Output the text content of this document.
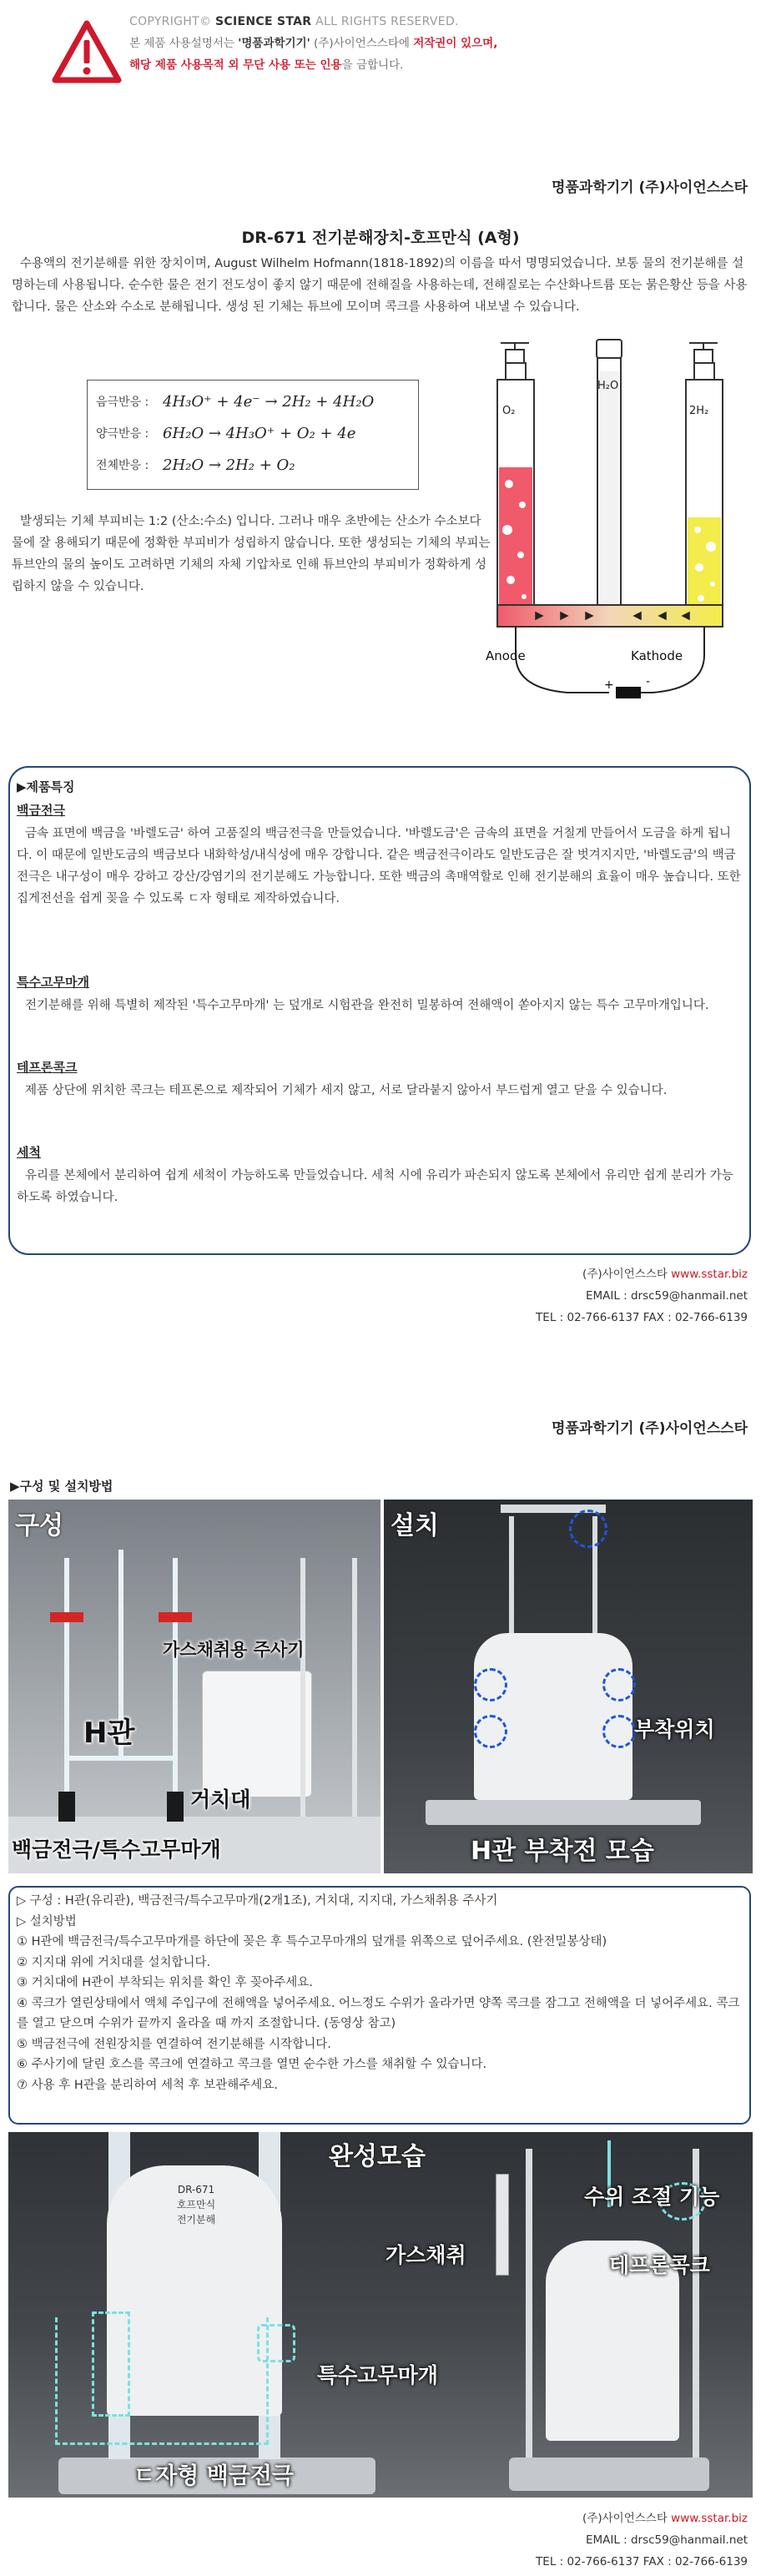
COPYRIGHT© SCIENCE STAR ALL RIGHTS RESERVED.
본 제품 사용설명서는 '명품과학기기' (주)사이언스스타에 저작권이 있으며,
해당 제품 사용목적 외 무단 사용 또는 인용을 금합니다.
명품과학기기 (주)사이언스스타
DR-671 전기분해장치-호프만식 (A형)
수용액의 전기분해를 위한 장치이며, August Wilhelm Hofmann(1818-1892)의 이름을 따서 명명되었습니다. 보통 물의 전기분해를 설명하는데 사용됩니다. 순수한 물은 전기 전도성이 좋지 않기 때문에 전해질을 사용하는데, 전해질로는 수산화나트륨 또는 묽은황산 등을 사용합니다. 물은 산소와 수소로 분해됩니다. 생성 된 기체는 튜브에 모이며 콕크를 사용하여 내보낼 수 있습니다.
음극반응 : 4H₃O⁺ + 4e⁻ → 2H₂ + 4H₂O
양극반응 : 6H₂O → 4H₃O⁺ + O₂ + 4e
전체반응 : 2H₂O → 2H₂ + O₂
발생되는 기체 부피비는 1:2 (산소:수소) 입니다. 그러나 매우 초반에는 산소가 수소보다 물에 잘 용해되기 때문에 정확한 부피비가 성립하지 않습니다. 또한 생성되는 기체의 부피는 튜브안의 물의 높이도 고려하면 기체의 자체 기압차로 인해 튜브안의 부피비가 정확하게 성립하지 않을 수 있습니다.
O₂
H₂O
2H₂
Anode	Kathode
+	-
▶제품특징
백금전극
금속 표면에 백금을 '바렐도금' 하여 고품질의 백금전극을 만들었습니다. '바렐도금'은 금속의 표면을 거칠게 만들어서 도금을 하게 됩니다. 이 때문에 일반도금의 백금보다 내화학성/내식성에 매우 강합니다. 같은 백금전극이라도 일반도금은 잘 벗겨지지만, '바렐도금'의 백금전극은 내구성이 매우 강하고 강산/강염기의 전기분해도 가능합니다. 또한 백금의 촉매역할로 인해 전기분해의 효율이 매우 높습니다. 또한 집게전선을 쉽게 꽂을 수 있도록 ㄷ자 형태로 제작하였습니다.
특수고무마개
전기분해를 위해 특별히 제작된 '특수고무마개' 는 덮개로 시험관을 완전히 밀봉하여 전해액이 쏟아지지 않는 특수 고무마개입니다.
테프론콕크
제품 상단에 위치한 콕크는 테프론으로 제작되어 기체가 세지 않고, 서로 달라붙지 않아서 부드럽게 열고 닫을 수 있습니다.
세척
유리를 본체에서 분리하여 쉽게 세척이 가능하도록 만들었습니다. 세척 시에 유리가 파손되지 않도록 본체에서 유리만 쉽게 분리가 가능하도록 하였습니다.
(주)사이언스스타 www.sstar.biz
EMAIL : drsc59@hanmail.net
TEL : 02-766-6137 FAX : 02-766-6139
명품과학기기 (주)사이언스스타
▶구성 및 설치방법
구성
가스채취용 주사기
H관
거치대
백금전극/특수고무마개
설치
부착위치
H관 부착전 모습
▷ 구성 : H관(유리관), 백금전극/특수고무마개(2개1조), 거치대, 지지대, 가스채취용 주사기
▷ 설치방법
① H관에 백금전극/특수고무마개를 하단에 꽂은 후 특수고무마개의 덮개를 위쪽으로 덮어주세요. (완전밀봉상태)
② 지지대 위에 거치대를 설치합니다.
③ 거치대에 H관이 부착되는 위치를 확인 후 꽂아주세요.
④ 콕크가 열린상태에서 액체 주입구에 전해액을 넣어주세요. 어느정도 수위가 올라가면 양쪽 콕크를 잠그고 전해액을 더 넣어주세요. 콕크를 열고 닫으며 수위가 끝까지 올라올 때 까지 조절합니다. (동영상 참고)
⑤ 백금전극에 전원장치를 연결하여 전기분해를 시작합니다.
⑥ 주사기에 달린 호스를 콕크에 연결하고 콕크를 열면 순수한 가스를 채취할 수 있습니다.
⑦ 사용 후 H관을 분리하여 세척 후 보관해주세요.
DR-671
호프만식
전기분해
완성모습
특수고무마개
ㄷ자형 백금전극
수위 조절 기능
가스채취	테프론콕크
(주)사이언스스타 www.sstar.biz
EMAIL : drsc59@hanmail.net
TEL : 02-766-6137 FAX : 02-766-6139
